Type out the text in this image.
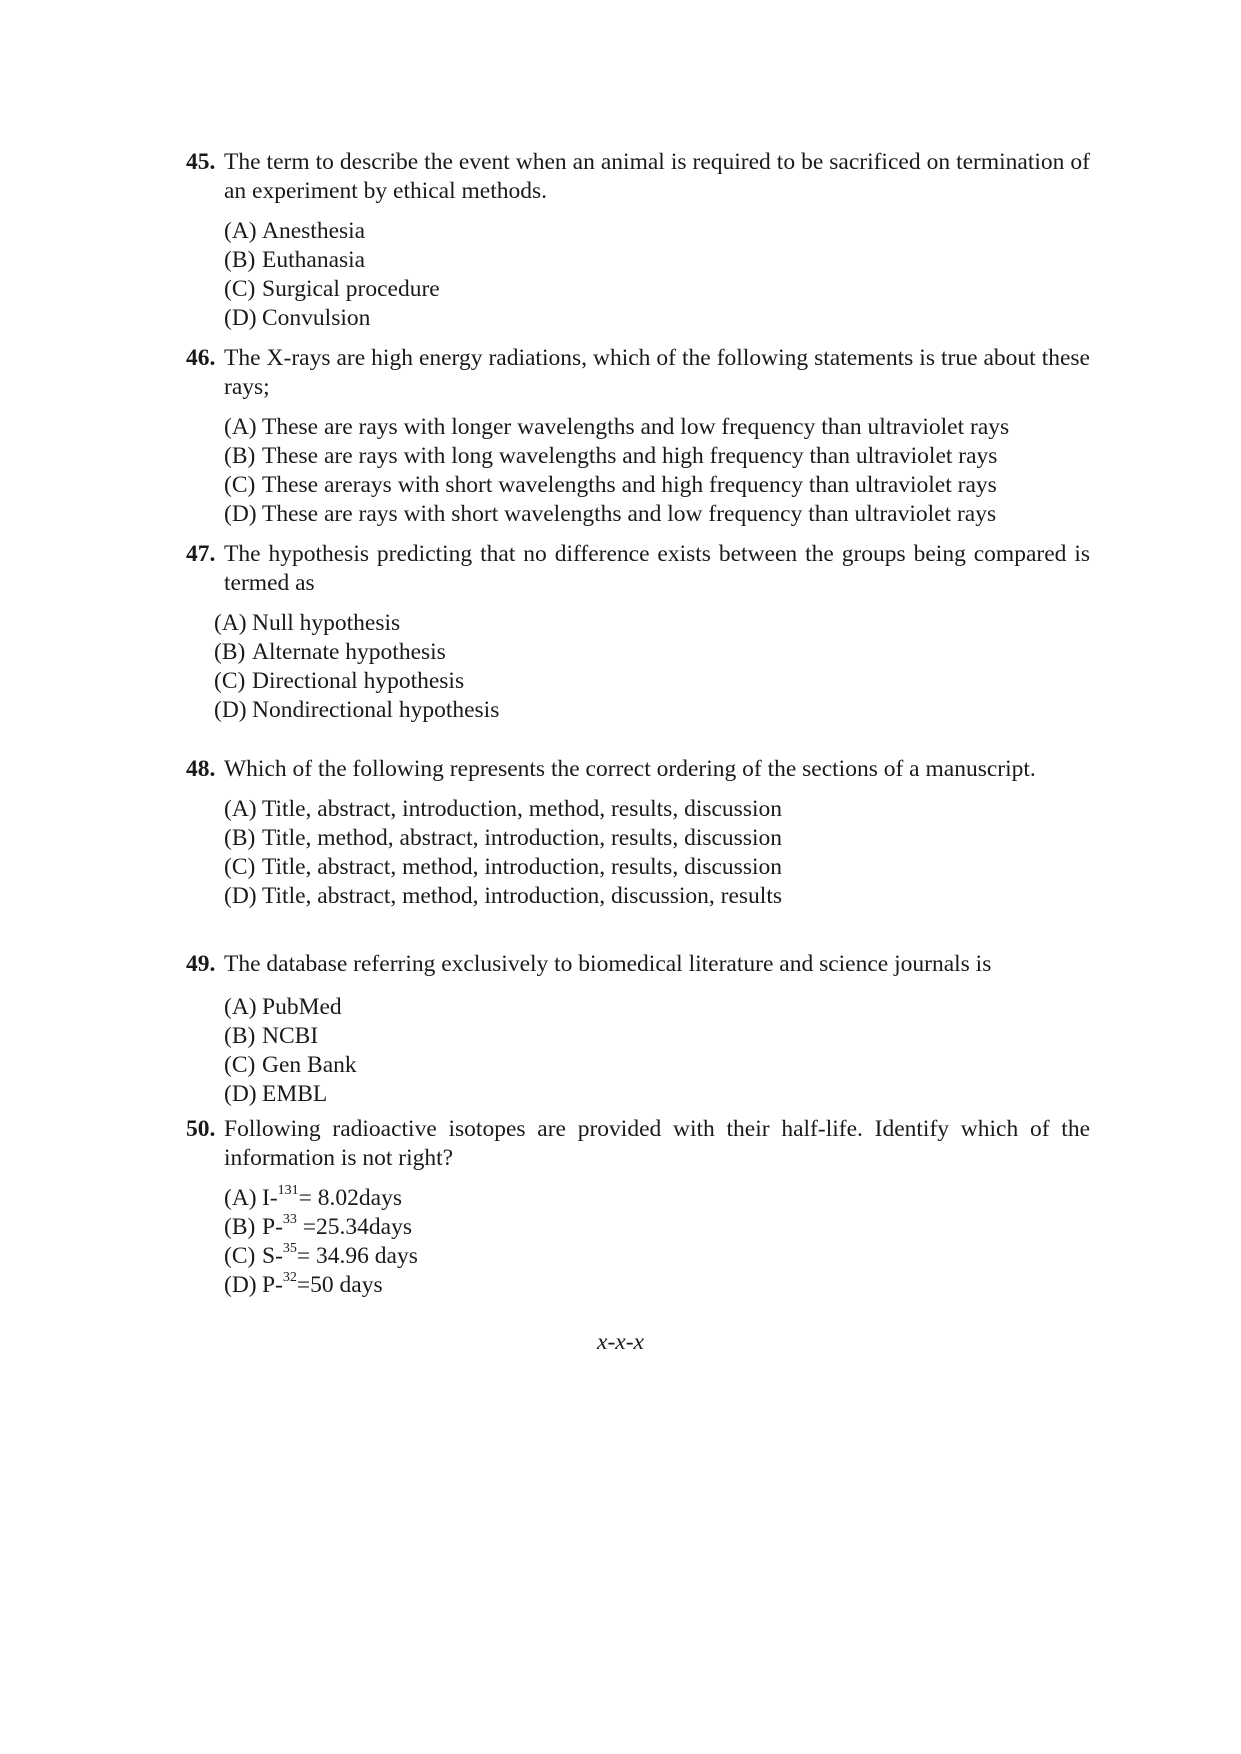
45. The term to describe the event when an animal is required to be sacrificed on termination of an experiment by ethical methods.
(A) Anesthesia
(B) Euthanasia
(C) Surgical procedure
(D) Convulsion
46. The X-rays are high energy radiations, which of the following statements is true about these rays;
(A) These are rays with longer wavelengths and low frequency than ultraviolet rays
(B) These are rays with long wavelengths and high frequency than ultraviolet rays
(C) These arerays with short wavelengths and high frequency than ultraviolet rays
(D) These are rays with short wavelengths and low frequency than ultraviolet rays
47. The hypothesis predicting that no difference exists between the groups being compared is termed as
(A) Null hypothesis
(B) Alternate hypothesis
(C) Directional hypothesis
(D) Nondirectional hypothesis
48. Which of the following represents the correct ordering of the sections of a manuscript.
(A) Title, abstract, introduction, method, results, discussion
(B) Title, method, abstract, introduction, results, discussion
(C) Title, abstract, method, introduction, results, discussion
(D) Title, abstract, method, introduction, discussion, results
49. The database referring exclusively to biomedical literature and science journals is
(A) PubMed
(B) NCBI
(C) Gen Bank
(D) EMBL
50. Following radioactive isotopes are provided with their half-life. Identify which of the information is not right?
(A) I-$^{131}$= 8.02days
(B) P-$^{33}$ =25.34days
(C) S-$^{35}$= 34.96 days
(D) P-$^{32}$=50 days
x-x-x
